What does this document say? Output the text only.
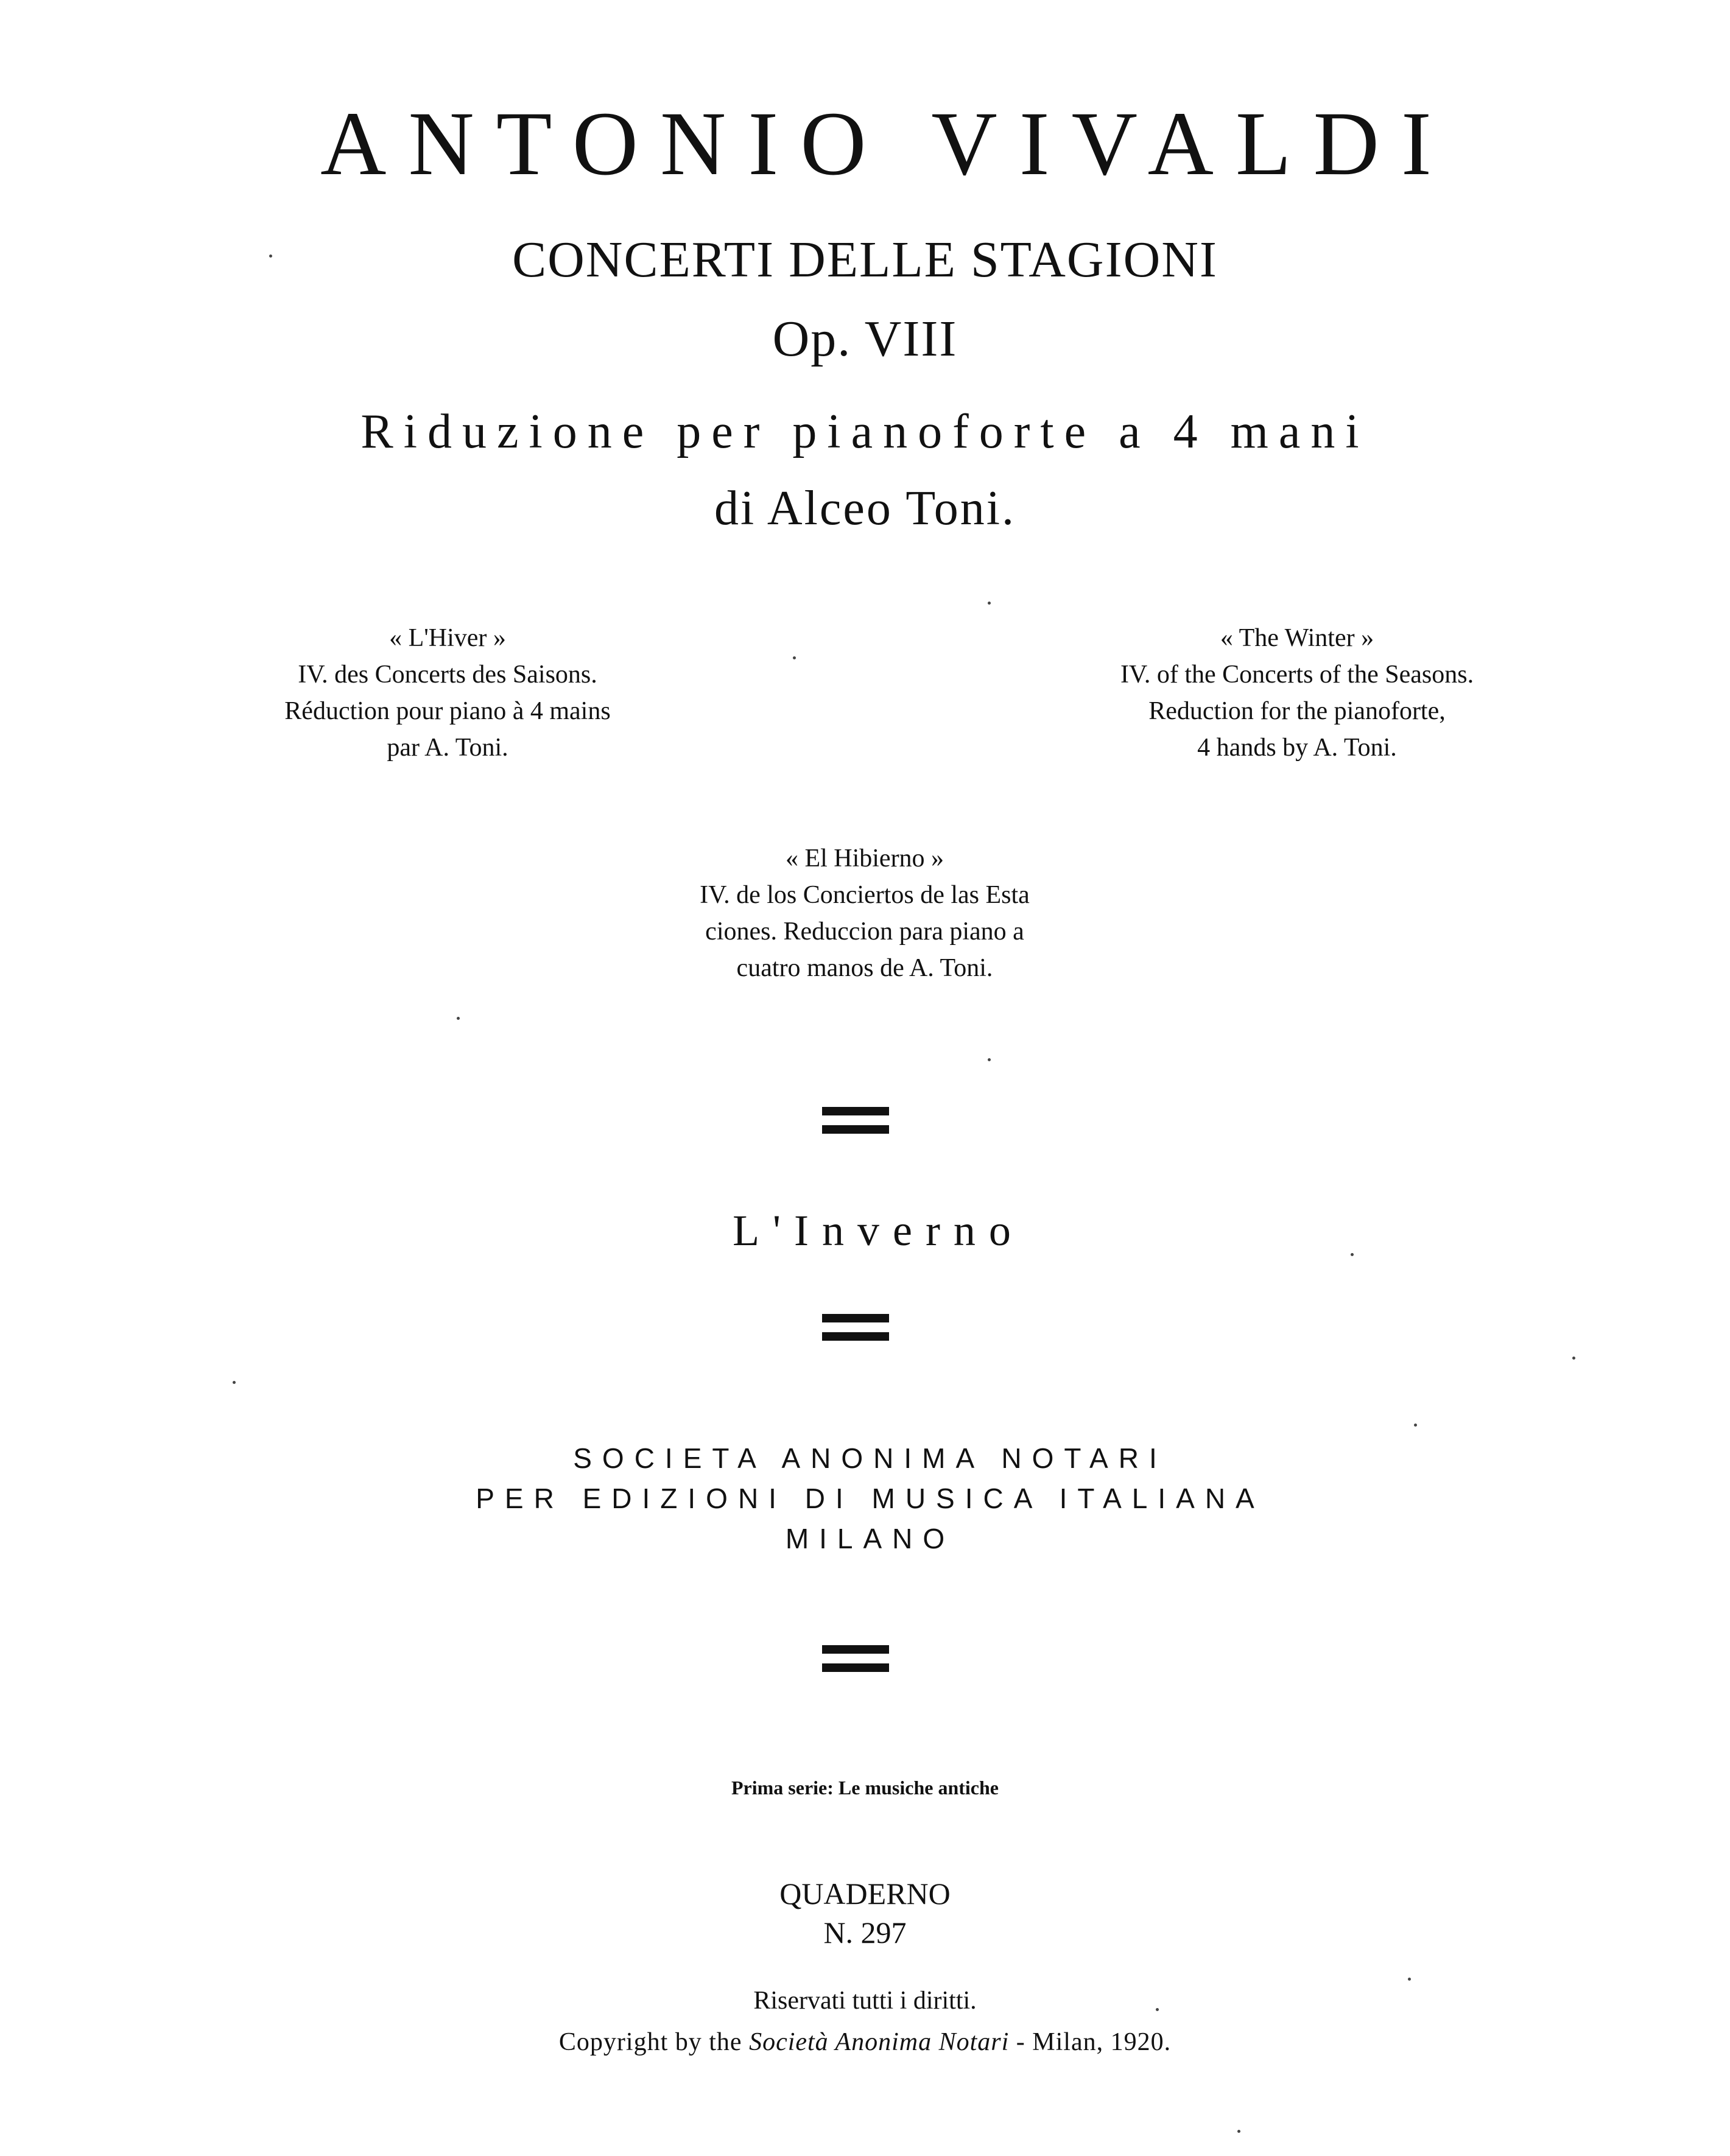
ANTONIO VIVALDI
CONCERTI DELLE STAGIONI
Op. VIII
Riduzione per pianoforte a 4 mani
di Alceo Toni.
« L'Hiver »
IV. des Concerts des Saisons.
Réduction pour piano à 4 mains
par A. Toni.
« The Winter »
IV. of the Concerts of the Seasons.
Reduction for the pianoforte,
4 hands by A. Toni.
« El Hibierno »
IV. de los Conciertos de las Esta
ciones. Reduccion para piano a
cuatro manos de A. Toni.
L'Inverno
SOCIETA ANONIMA NOTARI
PER EDIZIONI DI MUSICA ITALIANA
MILANO
Prima serie: Le musiche antiche
QUADERNO
N. 297
Riservati tutti i diritti.
Copyright by the Società Anonima Notari - Milan, 1920.
